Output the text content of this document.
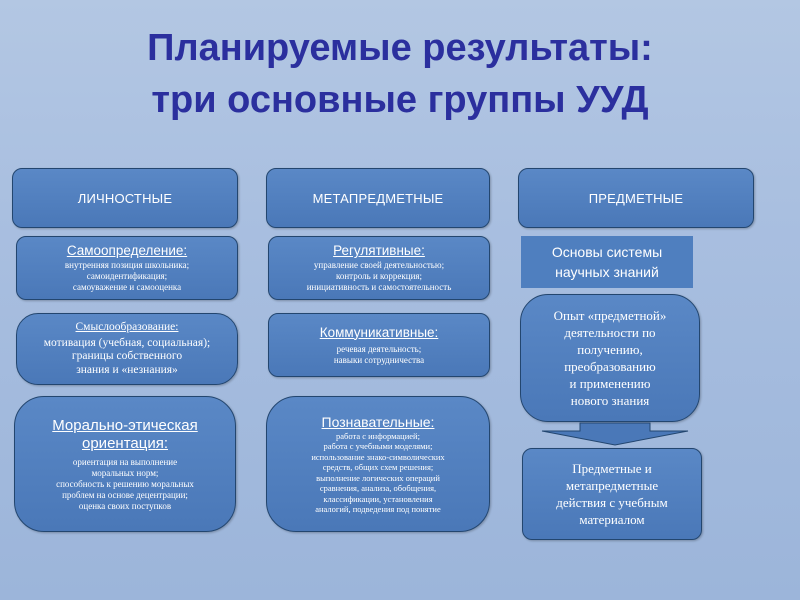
Планируемые результаты:
три основные группы УУД
ЛИЧНОСТНЫЕ
Самоопределение:
внутренняя позиция школьника;
самоидентификация;
самоуважение и самооценка
Смыслообразование:
мотивация (учебная, социальная);
границы собственного
знания и «незнания»
Морально-этическая ориентация:
ориентация на выполнение
моральных норм;
способность к решению моральных
проблем на основе децентрации;
оценка своих поступков
МЕТАПРЕДМЕТНЫЕ
Регулятивные:
управление своей деятельностью;
контроль и коррекция;
инициативность и самостоятельность
Коммуникативные:
речевая деятельность;
навыки сотрудничества
Познавательные:
работа с информацией;
работа с учебными моделями;
использование знако-символических
средств, общих схем решения;
выполнение логических операций
сравнения, анализа, обобщения,
классификации, установления
аналогий, подведения под понятие
ПРЕДМЕТНЫЕ
Основы системы
научных знаний
Опыт «предметной»
деятельности по
получению,
преобразованию
и применению
нового знания
Предметные и
метапредметные
действия с учебным
материалом
